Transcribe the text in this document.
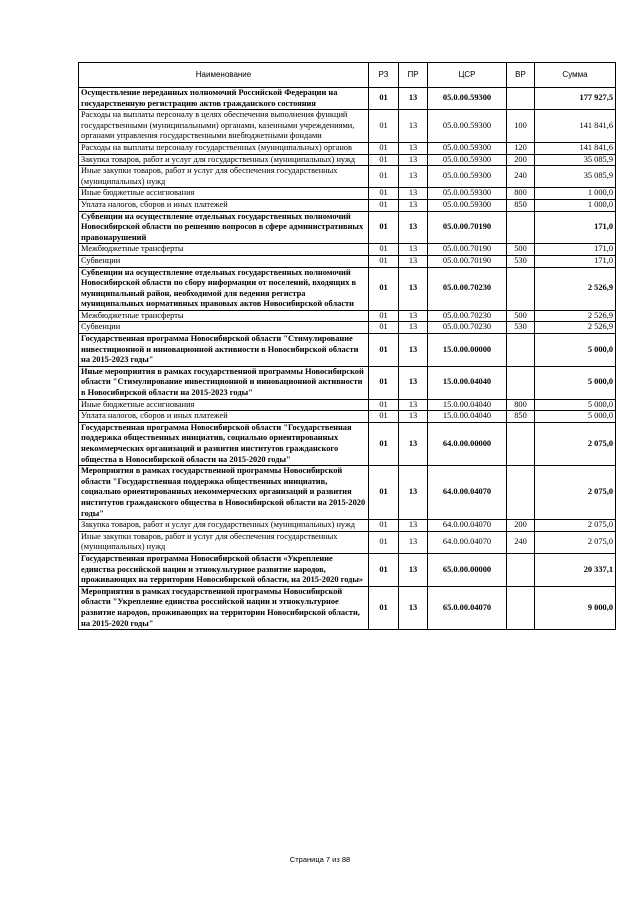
Наименование	РЗ	ПР	ЦСР	ВР	Сумма
Осуществление переданных полномочий Российской Федерации на государственную регистрацию актов гражданского состояния	01	13	05.0.00.59300		177 927,5
Расходы на выплаты персоналу в целях обеспечения выполнения функций государственными (муниципальными) органами, казенными учреждениями, органами управления государственными внебюджетными фондами	01	13	05.0.00.59300	100	141 841,6
Расходы на выплаты персоналу государственных (муниципальных) органов	01	13	05.0.00.59300	120	141 841,6
Закупка товаров, работ и услуг для государственных (муниципальных) нужд	01	13	05.0.00.59300	200	35 085,9
Иные закупки товаров, работ и услуг для обеспечения государственных (муниципальных) нужд	01	13	05.0.00.59300	240	35 085,9
Иные бюджетные ассигнования	01	13	05.0.00.59300	800	1 000,0
Уплата налогов, сборов и иных платежей	01	13	05.0.00.59300	850	1 000,0
Субвенции на осуществление отдельных государственных полномочий Новосибирской области по решению вопросов в сфере административных правонарушений	01	13	05.0.00.70190		171,0
Межбюджетные трансферты	01	13	05.0.00.70190	500	171,0
Субвенции	01	13	05.0.00.70190	530	171,0
Субвенции на осуществление отдельных государственных полномочий Новосибирской области по сбору информации от поселений, входящих в муниципальный район, необходимой для ведения регистра муниципальных нормативных правовых актов Новосибирской области	01	13	05.0.00.70230		2 526,9
Межбюджетные трансферты	01	13	05.0.00.70230	500	2 526,9
Субвенции	01	13	05.0.00.70230	530	2 526,9
Государственная программа Новосибирской области "Стимулирование инвестиционной и инновационной активности в Новосибирской области на 2015-2023 годы"	01	13	15.0.00.00000		5 000,0
Иные мероприятия в рамках государственной программы Новосибирской области "Стимулирование инвестиционной и инновационной активности в Новосибирской области на 2015-2023 годы"	01	13	15.0.00.04040		5 000,0
Иные бюджетные ассигнования	01	13	15.0.00.04040	800	5 000,0
Уплата налогов, сборов и иных платежей	01	13	15.0.00.04040	850	5 000,0
Государственная программа Новосибирской области "Государственная поддержка общественных инициатив, социально ориентированных некоммерческих организаций и развития институтов гражданского общества в Новосибирской области на 2015-2020 годы"	01	13	64.0.00.00000		2 075,0
Мероприятия в рамках государственной программы Новосибирской области "Государственная поддержка общественных инициатив, социально ориентированных некоммерческих организаций и развития институтов гражданского общества в Новосибирской области на 2015-2020 годы"	01	13	64.0.00.04070		2 075,0
Закупка товаров, работ и услуг для государственных (муниципальных) нужд	01	13	64.0.00.04070	200	2 075,0
Иные закупки товаров, работ и услуг для обеспечения государственных (муниципальных) нужд	01	13	64.0.00.04070	240	2 075,0
Государственная программа Новосибирской области «Укрепление единства российской нации и этнокультурное развитие народов, проживающих на территории Новосибирской области, на 2015-2020 годы»	01	13	65.0.00.00000		20 337,1
Мероприятия в рамках государственной программы Новосибирской области "Укрепление единства российской нации и этнокультурное развитие народов, проживающих на территории Новосибирской области, на 2015-2020 годы"	01	13	65.0.00.04070		9 000,0
Страница 7 из 88
